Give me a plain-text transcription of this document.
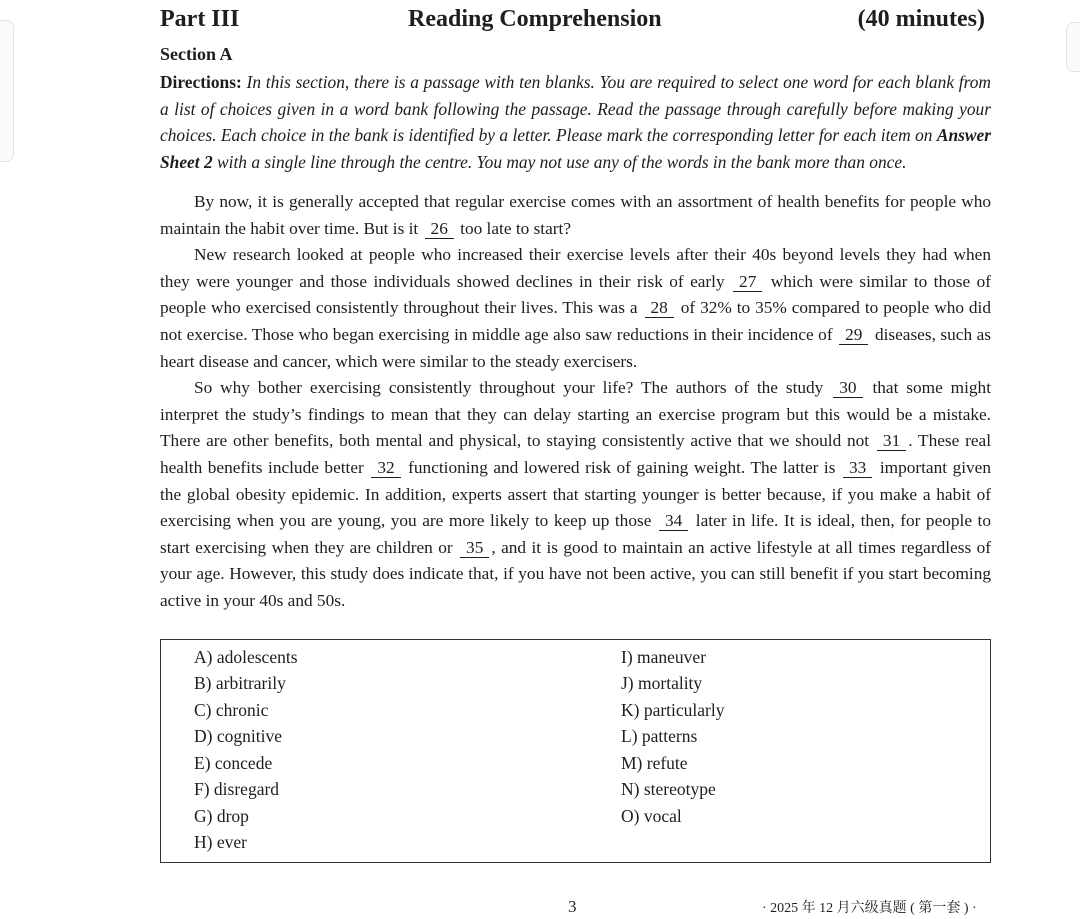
Part III	Reading Comprehension	(40 minutes)
Section A
Directions: In this section, there is a passage with ten blanks. You are required to select one word for each blank from a list of choices given in a word bank following the passage. Read the passage through carefully before making your choices. Each choice in the bank is identified by a letter. Please mark the corresponding letter for each item on Answer Sheet 2 with a single line through the centre. You may not use any of the words in the bank more than once.

By now, it is generally accepted that regular exercise comes with an assortment of health benefits for people who maintain the habit over time. But is it 26 too late to start?

New research looked at people who increased their exercise levels after their 40s beyond levels they had when they were younger and those individuals showed declines in their risk of early 27 which were similar to those of people who exercised consistently throughout their lives. This was a 28 of 32% to 35% compared to people who did not exercise. Those who began exercising in middle age also saw reductions in their incidence of 29 diseases, such as heart disease and cancer, which were similar to the steady exercisers.

So why bother exercising consistently throughout your life? The authors of the study 30 that some might interpret the study’s findings to mean that they can delay starting an exercise program but this would be a mistake. There are other benefits, both mental and physical, to staying consistently active that we should not 31 . These real health benefits include better 32 functioning and lowered risk of gaining weight. The latter is 33 important given the global obesity epidemic. In addition, experts assert that starting younger is better because, if you make a habit of exercising when you are young, you are more likely to keep up those 34 later in life. It is ideal, then, for people to start exercising when they are children or 35 , and it is good to maintain an active lifestyle at all times regardless of your age. However, this study does indicate that, if you have not been active, you can still benefit if you start becoming active in your 40s and 50s.

A) adolescents
B) arbitrarily
C) chronic
D) cognitive
E) concede
F) disregard
G) drop
H) ever
I) maneuver
J) mortality
K) particularly
L) patterns
M) refute
N) stereotype
O) vocal
3	· 2025 年 12 月六级真题 ( 第一套 ) ·
